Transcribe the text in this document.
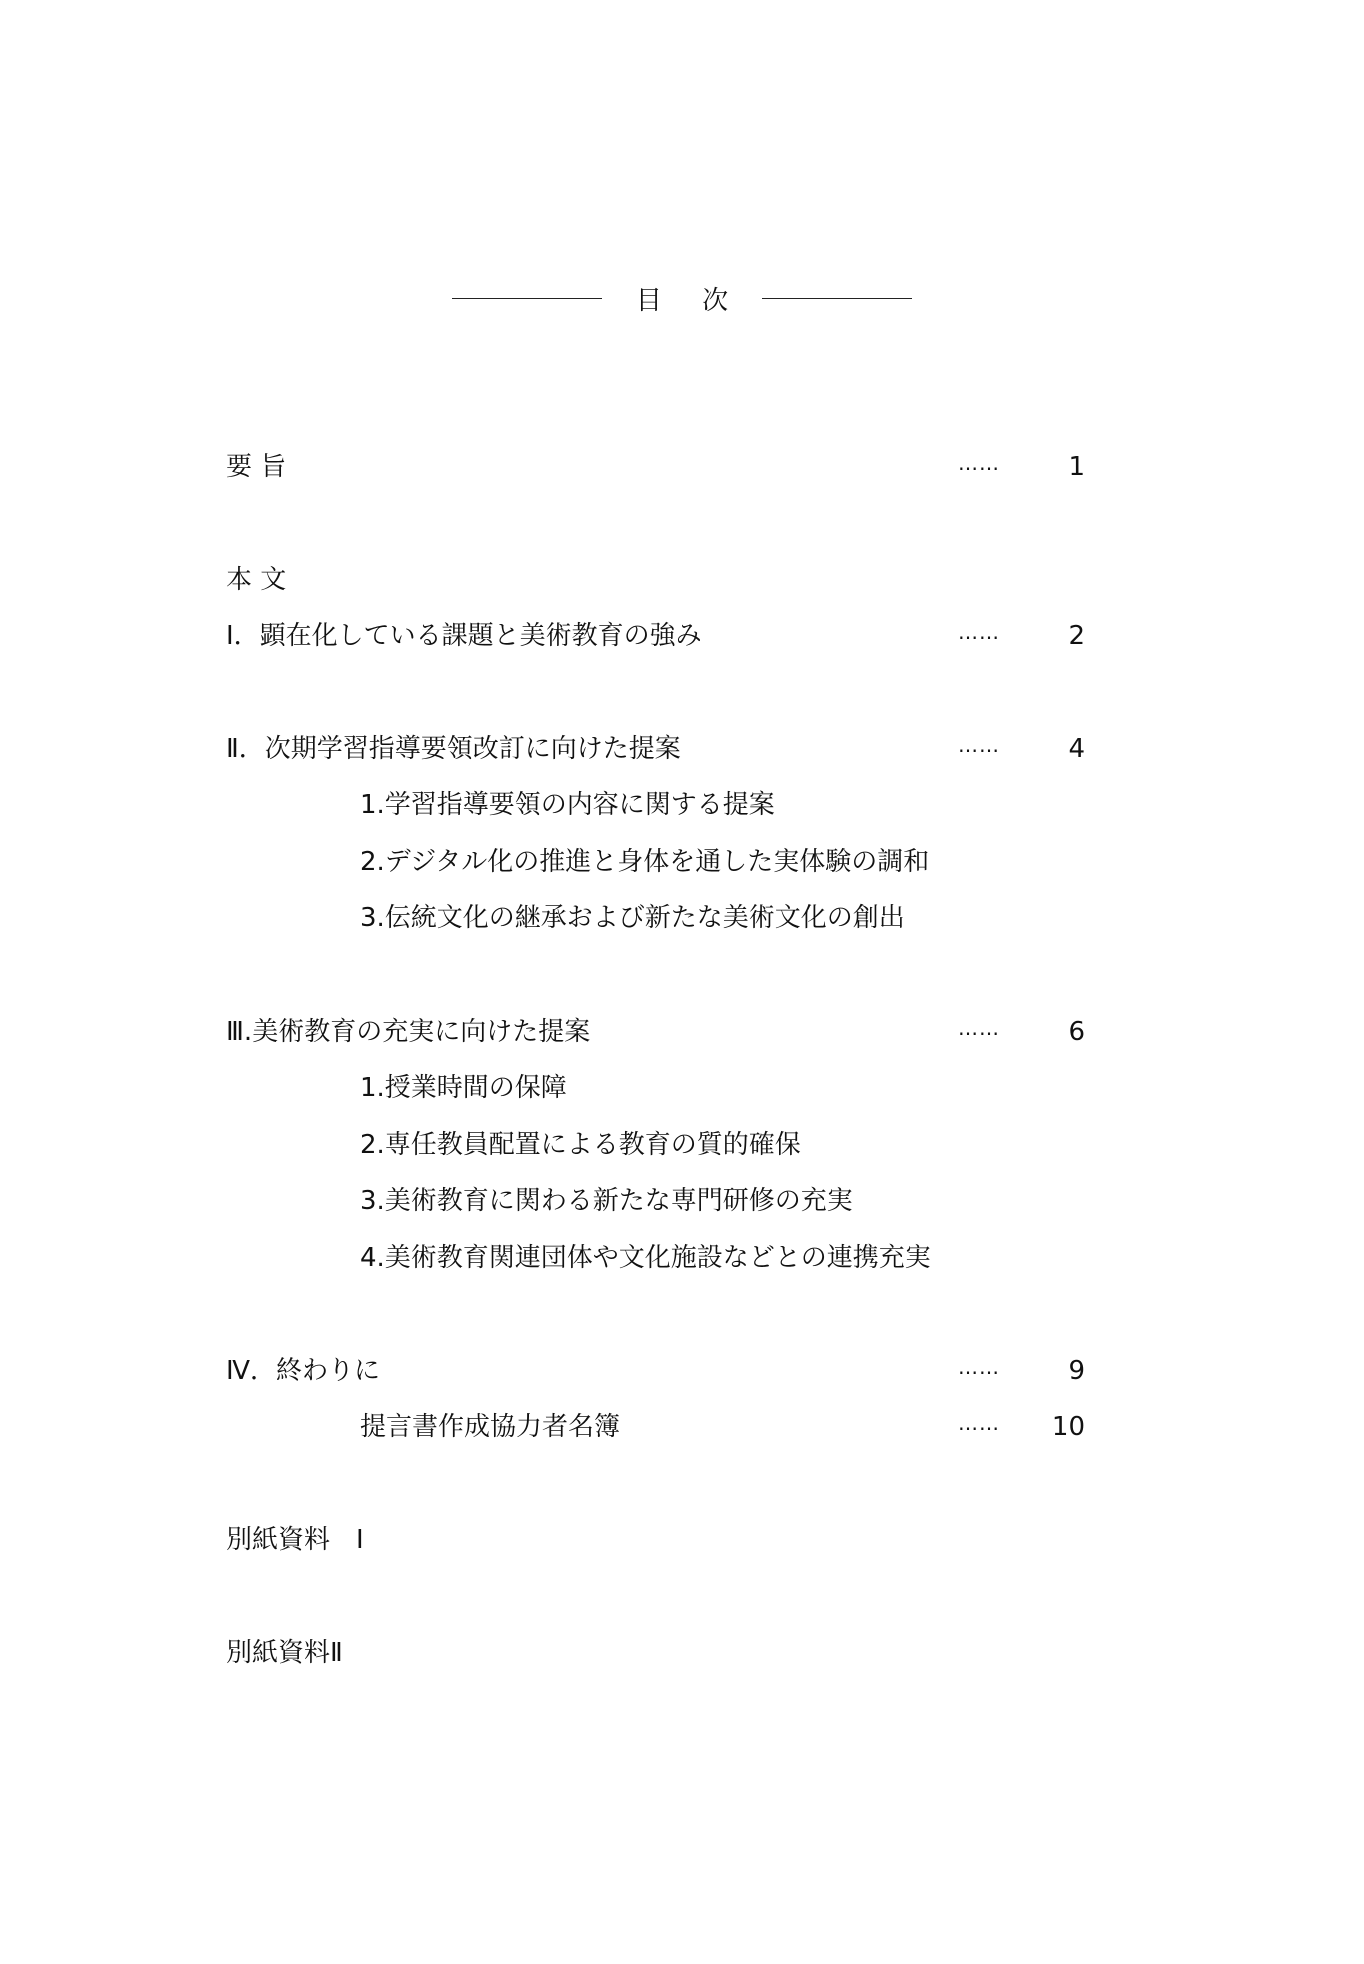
目 次
要 旨	……	1
本 文
Ⅰ．顕在化している課題と美術教育の強み	……	2
Ⅱ．次期学習指導要領改訂に向けた提案	……	4
1.学習指導要領の内容に関する提案
2.デジタル化の推進と身体を通した実体験の調和
3.伝統文化の継承および新たな美術文化の創出
Ⅲ.美術教育の充実に向けた提案	……	6
1.授業時間の保障
2.専任教員配置による教育の質的確保
3.美術教育に関わる新たな専門研修の充実
4.美術教育関連団体や文化施設などとの連携充実
Ⅳ．終わりに	……	9
提言書作成協力者名簿	……	10
別紙資料　Ⅰ
別紙資料Ⅱ
